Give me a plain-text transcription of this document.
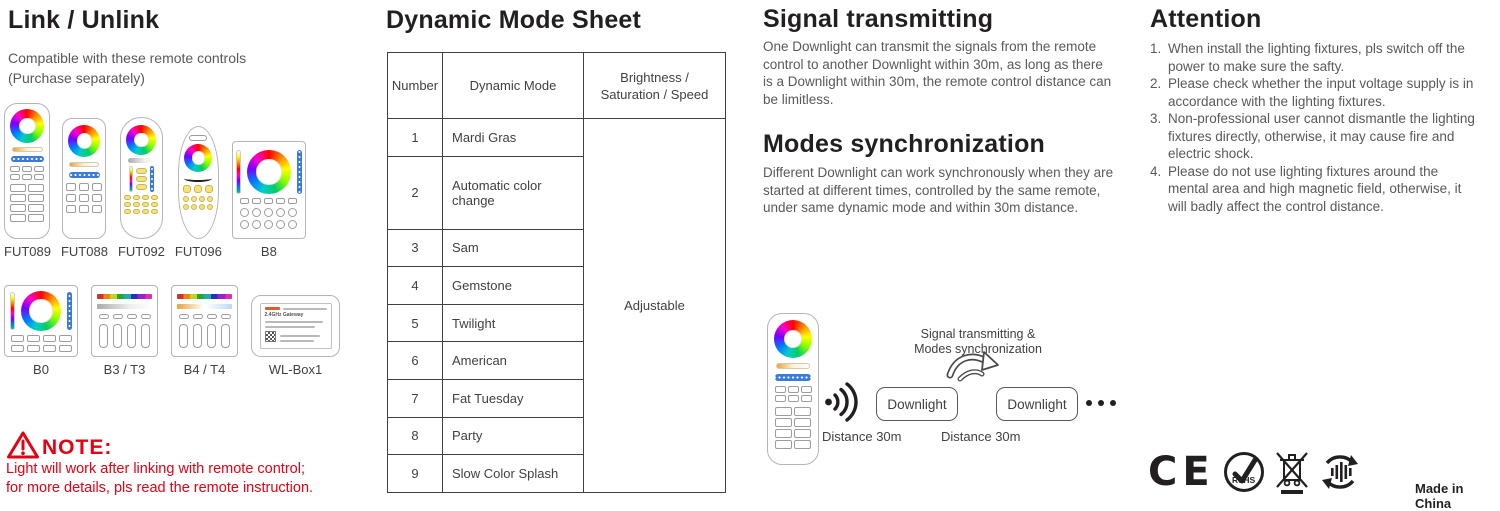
Link / Unlink
Compatible with these remote controls
(Purchase separately)
FUT089 FUT088 FUT092 FUT096	B8
B0	B3 / T3	B4 / T4
2.4GHz Gateway
WL-Box1
NOTE:
Light will work after linking with remote control;
for more details, pls read the remote instruction.
Dynamic Mode Sheet
Number	Dynamic Mode	Brightness /
Saturation / Speed
1	Mardi Gras	Adjustable
2	Automatic color change	
3	Sam	
4	Gemstone	
5	Twilight	
6	American	
7	Fat Tuesday	
8	Party	
9	Slow Color Splash	
Signal transmitting
One Downlight can transmit the signals from the remote control to another Downlight within 30m, as long as there is a Downlight within 30m, the remote control distance can be limitless.
Modes synchronization
Different Downlight can work synchronously when they are started at different times, controlled by the same remote, under same dynamic mode and within 30m distance.
Downlight	Downlight
Signal transmitting &
Modes synchronization
Distance 30m	Distance 30m
Attention
1. When install the lighting fixtures, pls switch off the power to make sure the safty.
2. Please check whether the input voltage supply is in accordance with the lighting fixtures.
3. Non-professional user cannot dismantle the lighting fixtures directly, otherwise, it may cause fire and electric shock.
4. Please do not use lighting fixtures around the mental area and high magnetic field, otherwise, it will badly affect the control distance.
CE RoHS
Made in China
